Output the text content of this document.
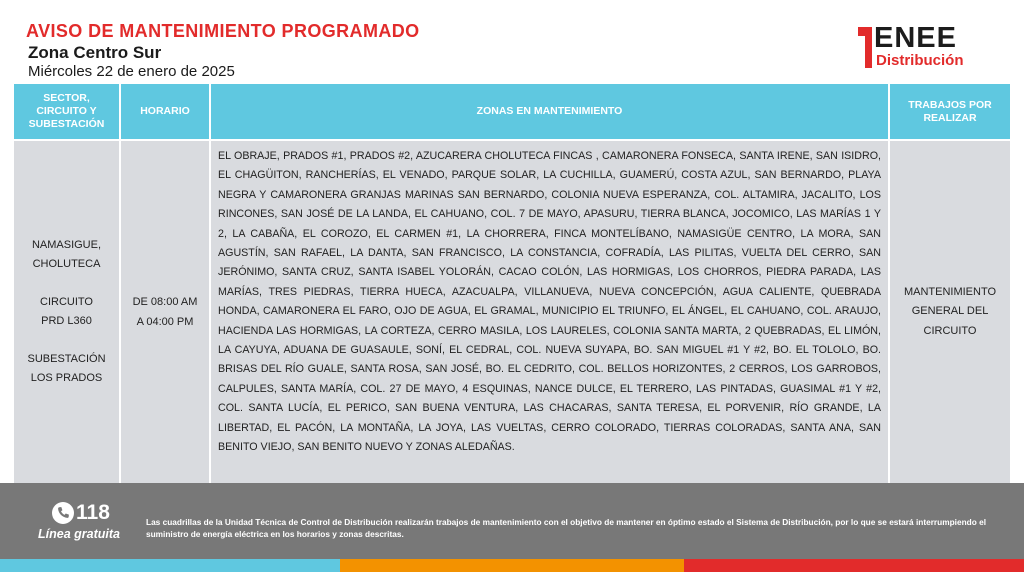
AVISO DE MANTENIMIENTO PROGRAMADO
Zona Centro Sur
Miércoles 22 de enero de 2025
ENEE
Distribución
SECTOR, CIRCUITO Y SUBESTACIÓN
HORARIO	ZONAS EN MANTENIMIENTO
TRABAJOS POR REALIZAR
NAMASIGUE, CHOLUTECA
CIRCUITO
PRD L360
SUBESTACIÓN
LOS PRADOS
DE 08:00 AM
A 04:00 PM
EL OBRAJE, PRADOS #1, PRADOS #2, AZUCARERA CHOLUTECA FINCAS , CAMARONERA FONSECA, SANTA IRENE, SAN ISIDRO, EL CHAGÜITON, RANCHERÍAS, EL VENADO, PARQUE SOLAR, LA CUCHILLA, GUAMERÚ, COSTA AZUL, SAN BERNARDO, PLAYA NEGRA Y CAMARONERA GRANJAS MARINAS SAN BERNARDO, COLONIA NUEVA ESPERANZA, COL. ALTAMIRA, JACALITO, LOS RINCONES, SAN JOSÉ DE LA LANDA, EL CAHUANO, COL. 7 DE MAYO, APASURU, TIERRA BLANCA, JOCOMICO, LAS MARÍAS 1 Y 2, LA CABAÑA, EL COROZO, EL CARMEN #1, LA CHORRERA, FINCA MONTELÍBANO, NAMASIGÜE CENTRO, LA MORA, SAN AGUSTÍN, SAN RAFAEL, LA DANTA, SAN FRANCISCO, LA CONSTANCIA, COFRADÍA, LAS PILITAS, VUELTA DEL CERRO, SAN JERÓNIMO, SANTA CRUZ, SANTA ISABEL YOLORÁN, CACAO COLÓN, LAS HORMIGAS, LOS CHORROS, PIEDRA PARADA, LAS MARÍAS, TRES PIEDRAS, TIERRA HUECA, AZACUALPA, VILLANUEVA, NUEVA CONCEPCIÓN, AGUA CALIENTE, QUEBRADA HONDA, CAMARONERA EL FARO, OJO DE AGUA, EL GRAMAL, MUNICIPIO EL TRIUNFO, EL ÁNGEL, EL CAHUANO, COL. ARAUJO, HACIENDA LAS HORMIGAS, LA CORTEZA, CERRO MASILA, LOS LAURELES, COLONIA SANTA MARTA, 2 QUEBRADAS, EL LIMÓN, LA CAYUYA, ADUANA DE GUASAULE, SONÍ, EL CEDRAL, COL. NUEVA SUYAPA, BO. SAN MIGUEL #1 Y #2, BO. EL TOLOLO, BO. BRISAS DEL RÍO GUALE, SANTA ROSA, SAN JOSÉ, BO. EL CEDRITO, COL. BELLOS HORIZONTES, 2 CERROS, LOS GARROBOS, CALPULES, SANTA MARÍA, COL. 27 DE MAYO, 4 ESQUINAS, NANCE DULCE, EL TERRERO, LAS PINTADAS, GUASIMAL #1 Y #2, COL. SANTA LUCÍA, EL PERICO, SAN BUENA VENTURA, LAS CHACARAS, SANTA TERESA, EL PORVENIR, RÍO GRANDE, LA LIBERTAD, EL PACÓN, LA MONTAÑA, LA JOYA, LAS VUELTAS, CERRO COLORADO, TIERRAS COLORADAS, SANTA ANA, SAN BENITO VIEJO, SAN BENITO NUEVO Y ZONAS ALEDAÑAS.
MANTENIMIENTO GENERAL DEL CIRCUITO
118
Línea gratuita
Las cuadrillas de la Unidad Técnica de Control de Distribución realizarán trabajos de mantenimiento con el objetivo de mantener en óptimo estado el Sistema de Distribución, por lo que se estará interrumpiendo el suministro de energía eléctrica en los horarios y zonas descritas.
